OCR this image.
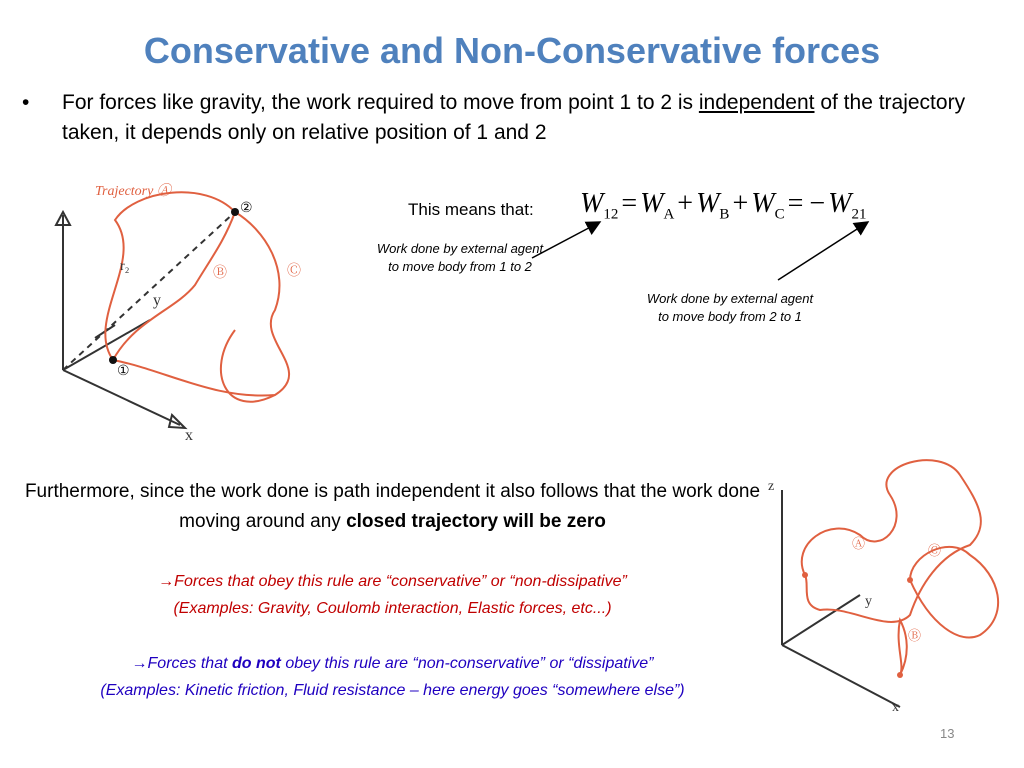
Conservative and Non-Conservative forces
• For forces like gravity, the work required to move from point 1 to 2 is independent of the trajectory taken, it depends only on relative position of 1 and 2
This means that: $W_{12} = W_A + W_B + W_C$ = − $W_{21}$
Work done by external agent to move body from 1 to 2
Work done by external agent to move body from 2 to 1
Trajectory Ⓐ
Ⓑ	Ⓒ
②
①
r₂
y
x
Furthermore, since the work done is path independent it also follows that the work done moving around any closed trajectory will be zero
→Forces that obey this rule are “conservative” or “non-dissipative”
(Examples: Gravity, Coulomb interaction, Elastic forces, etc...)
→Forces that do not obey this rule are “non-conservative” or “dissipative”
(Examples: Kinetic friction, Fluid resistance – here energy goes “somewhere else”)
Ⓐ	Ⓒ
Ⓑ
z
y
x
13
